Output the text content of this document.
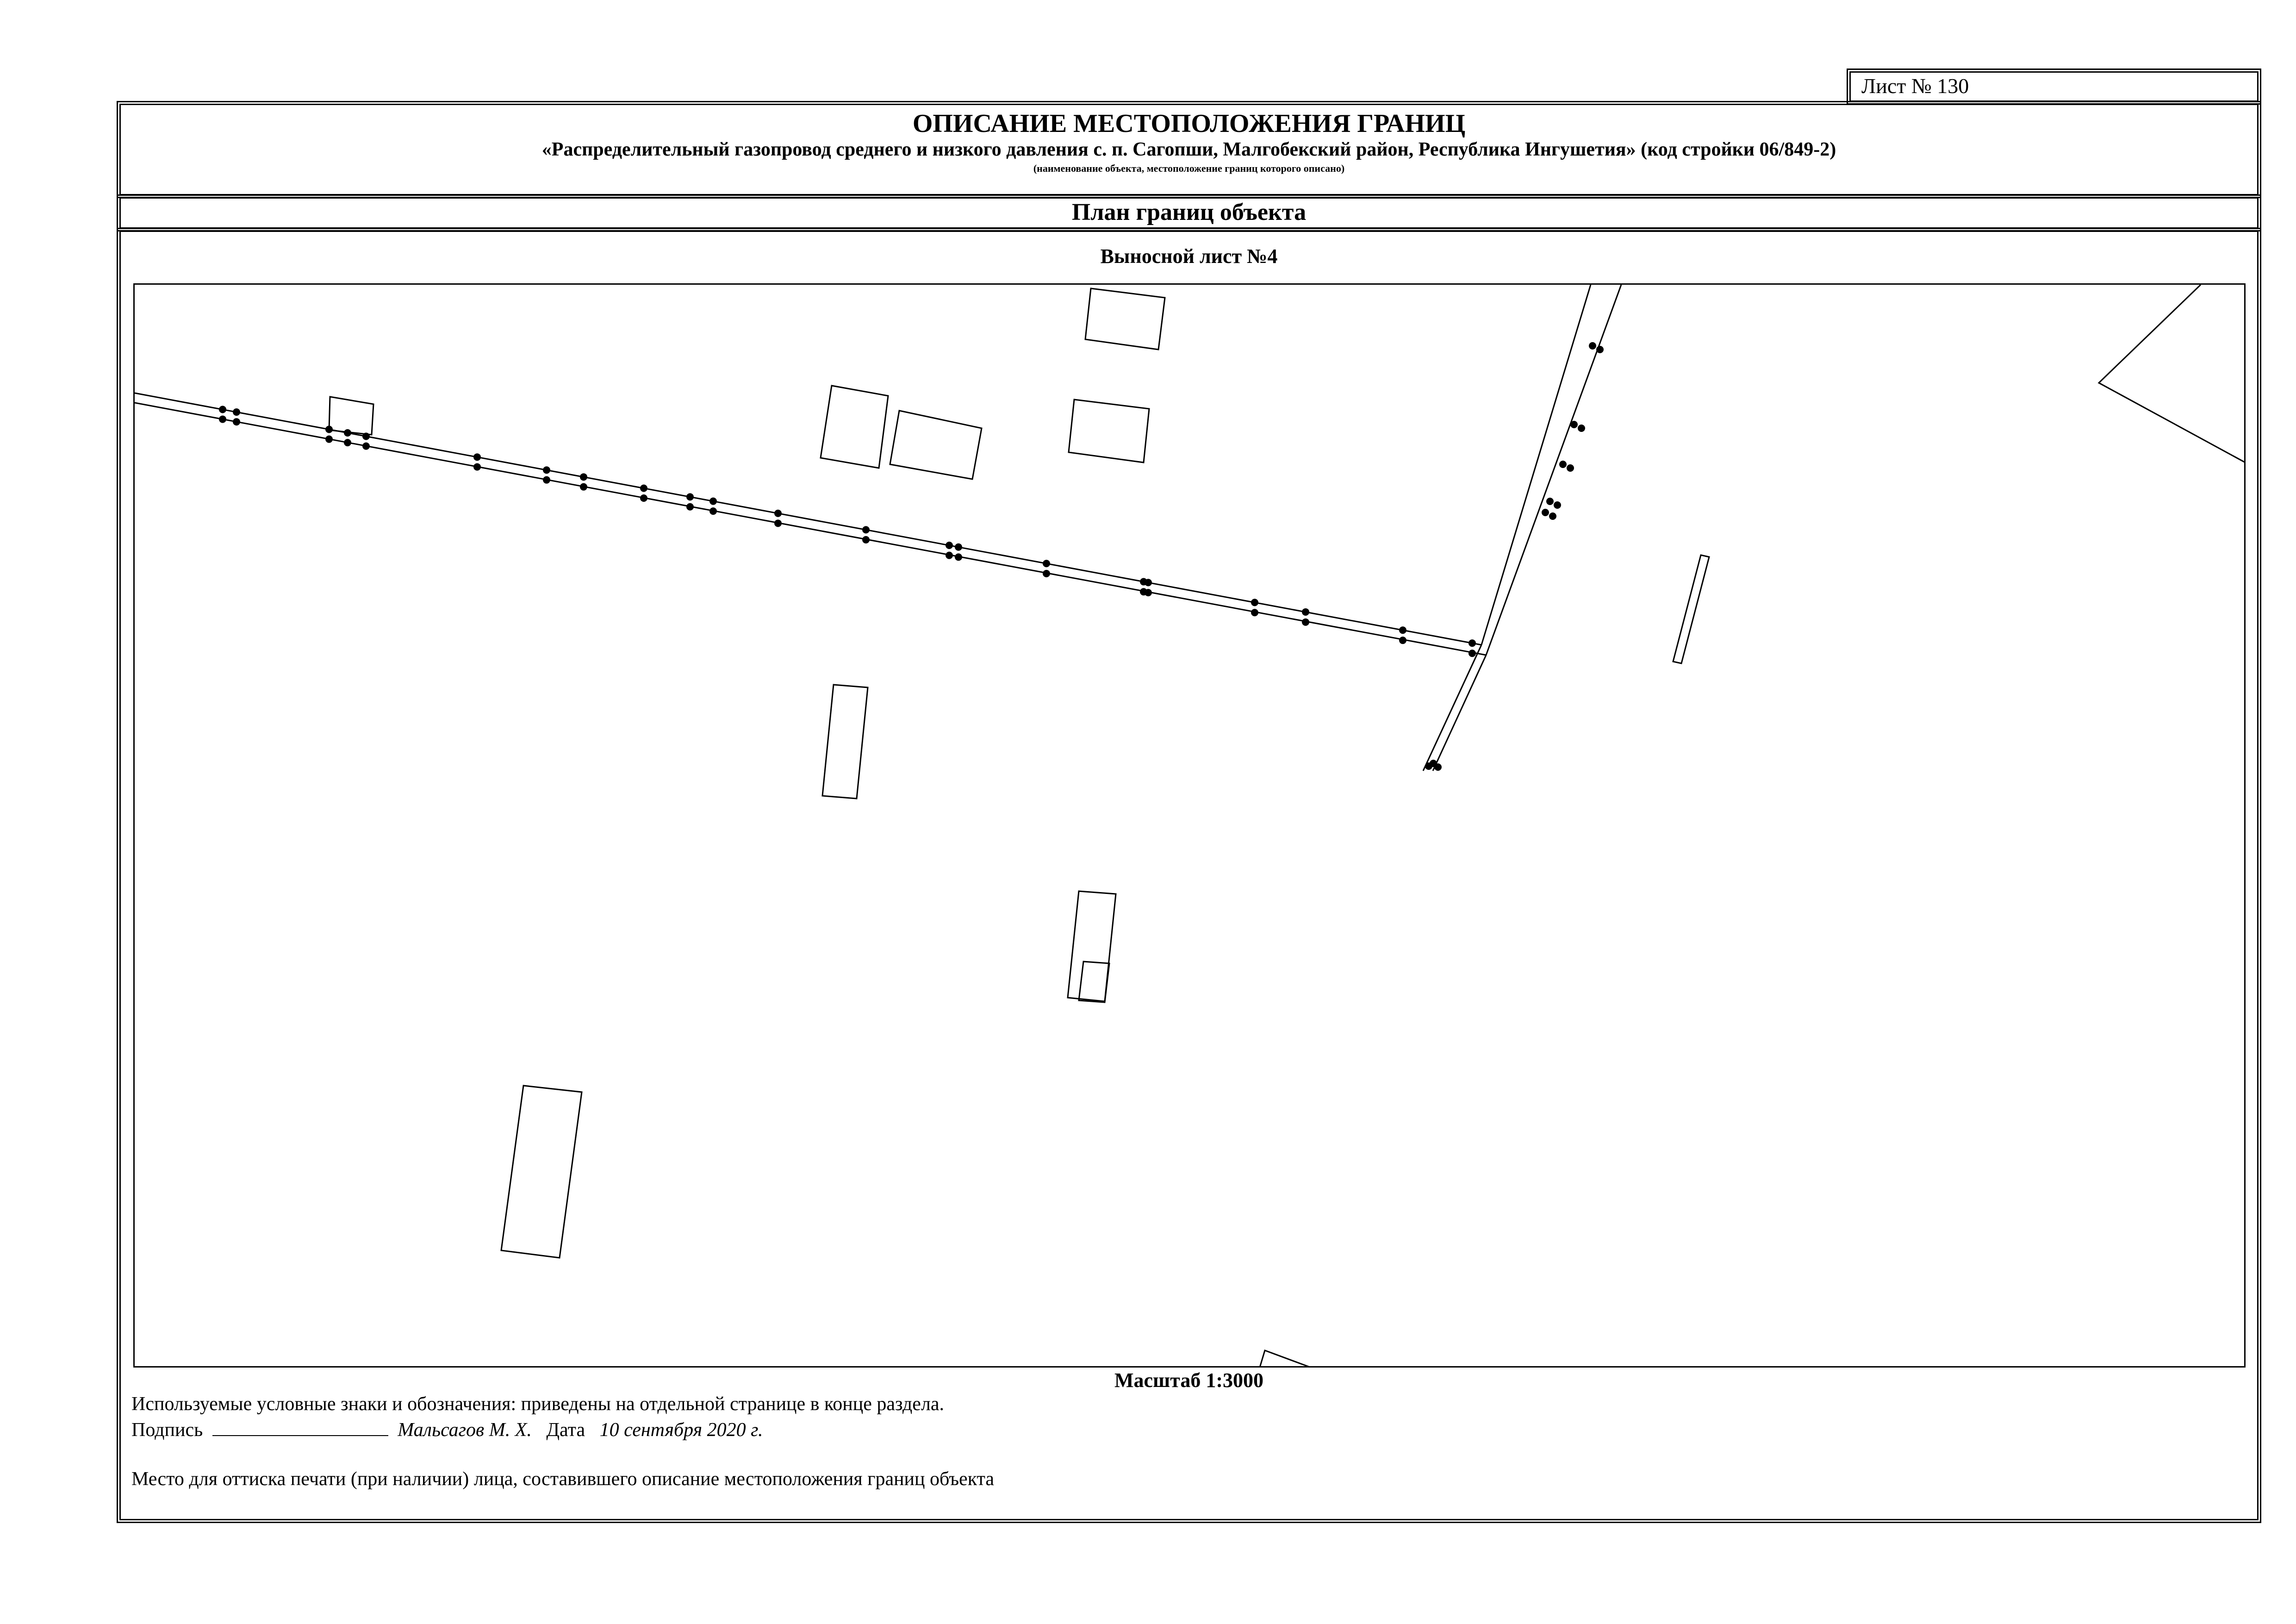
Лист № 130
ОПИСАНИЕ МЕСТОПОЛОЖЕНИЯ ГРАНИЦ
«Распределительный газопровод среднего и низкого давления с. п. Сагопши, Малгобекский район, Республика Ингушетия» (код стройки 06/849-2)
(наименование объекта, местоположение границ которого описано)
План границ объекта
Выносной лист №4
Масштаб 1:3000
Используемые условные знаки и обозначения: приведены на отдельной странице в конце раздела.
Подпись	Мальсагов М. Х. Дата 10 сентября 2020 г.
Место для оттиска печати (при наличии) лица, составившего описание местоположения границ объекта
